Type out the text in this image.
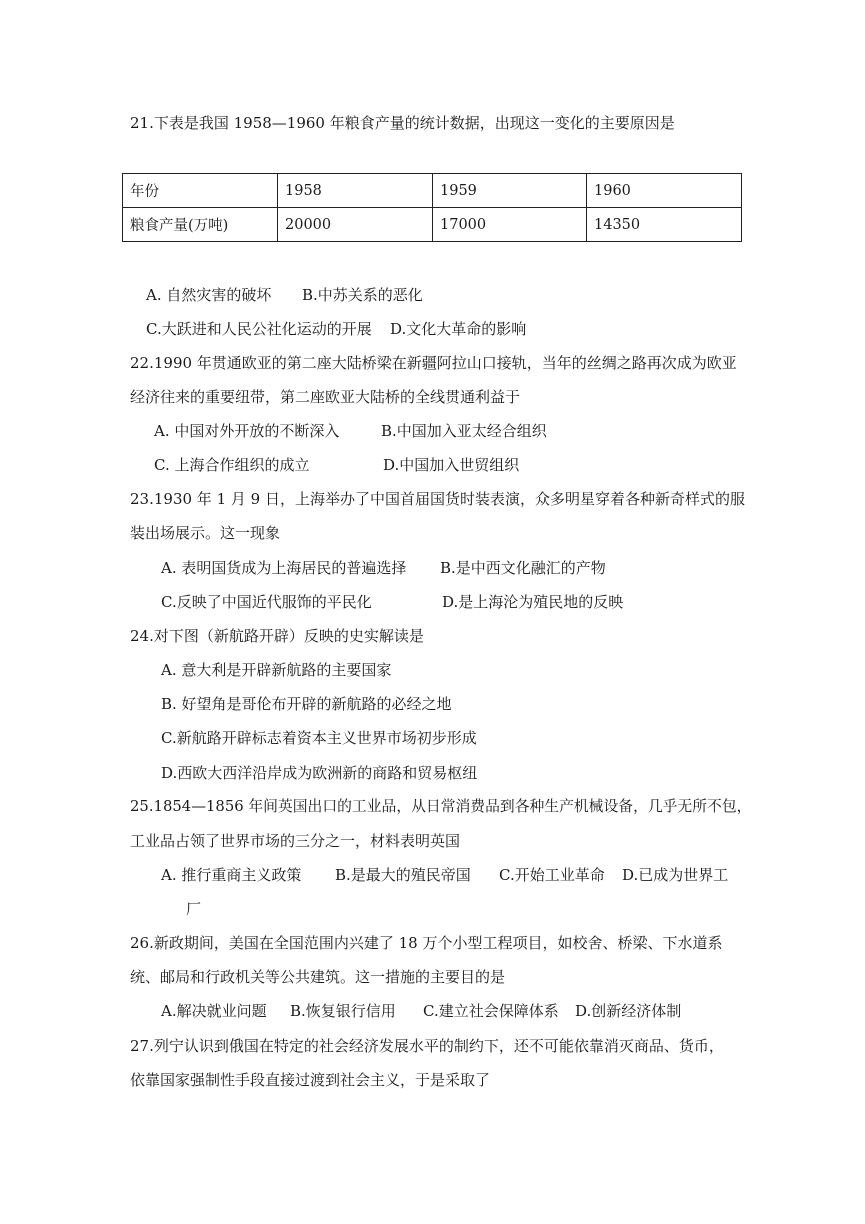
21.下表是我国 1958—1960 年粮食产量的统计数据，出现这一变化的主要原因是
年份	1958	1959	1960
粮食产量(万吨)	20000	17000	14350
A. 自然灾害的破坏 B.中苏关系的恶化
C.大跃进和人民公社化运动的开展 D.文化大革命的影响
22.1990 年贯通欧亚的第二座大陆桥梁在新疆阿拉山口接轨，当年的丝绸之路再次成为欧亚
经济往来的重要纽带，第二座欧亚大陆桥的全线贯通利益于
A. 中国对外开放的不断深入	B.中国加入亚太经合组织
C. 上海合作组织的成立	D.中国加入世贸组织
23.1930 年 1 月 9 日，上海举办了中国首届国货时装表演，众多明星穿着各种新奇样式的服
装出场展示。这一现象
A. 表明国货成为上海居民的普遍选择 B.是中西文化融汇的产物
C.反映了中国近代服饰的平民化	D.是上海沦为殖民地的反映
24.对下图（新航路开辟）反映的史实解读是
A. 意大利是开辟新航路的主要国家
B. 好望角是哥伦布开辟的新航路的必经之地
C.新航路开辟标志着资本主义世界市场初步形成
D.西欧大西洋沿岸成为欧洲新的商路和贸易枢纽
25.1854—1856 年间英国出口的工业品，从日常消费品到各种生产机械设备，几乎无所不包，
工业品占领了世界市场的三分之一，材料表明英国
A. 推行重商主义政策 B.是最大的殖民帝国 C.开始工业革命 D.已成为世界工
厂
26.新政期间，美国在全国范围内兴建了 18 万个小型工程项目，如校舍、桥梁、下水道系
统、邮局和行政机关等公共建筑。这一措施的主要目的是
A.解决就业问题 B.恢复银行信用 C.建立社会保障体系 D.创新经济体制
27.列宁认识到俄国在特定的社会经济发展水平的制约下，还不可能依靠消灭商品、货币，
依靠国家强制性手段直接过渡到社会主义，于是采取了
